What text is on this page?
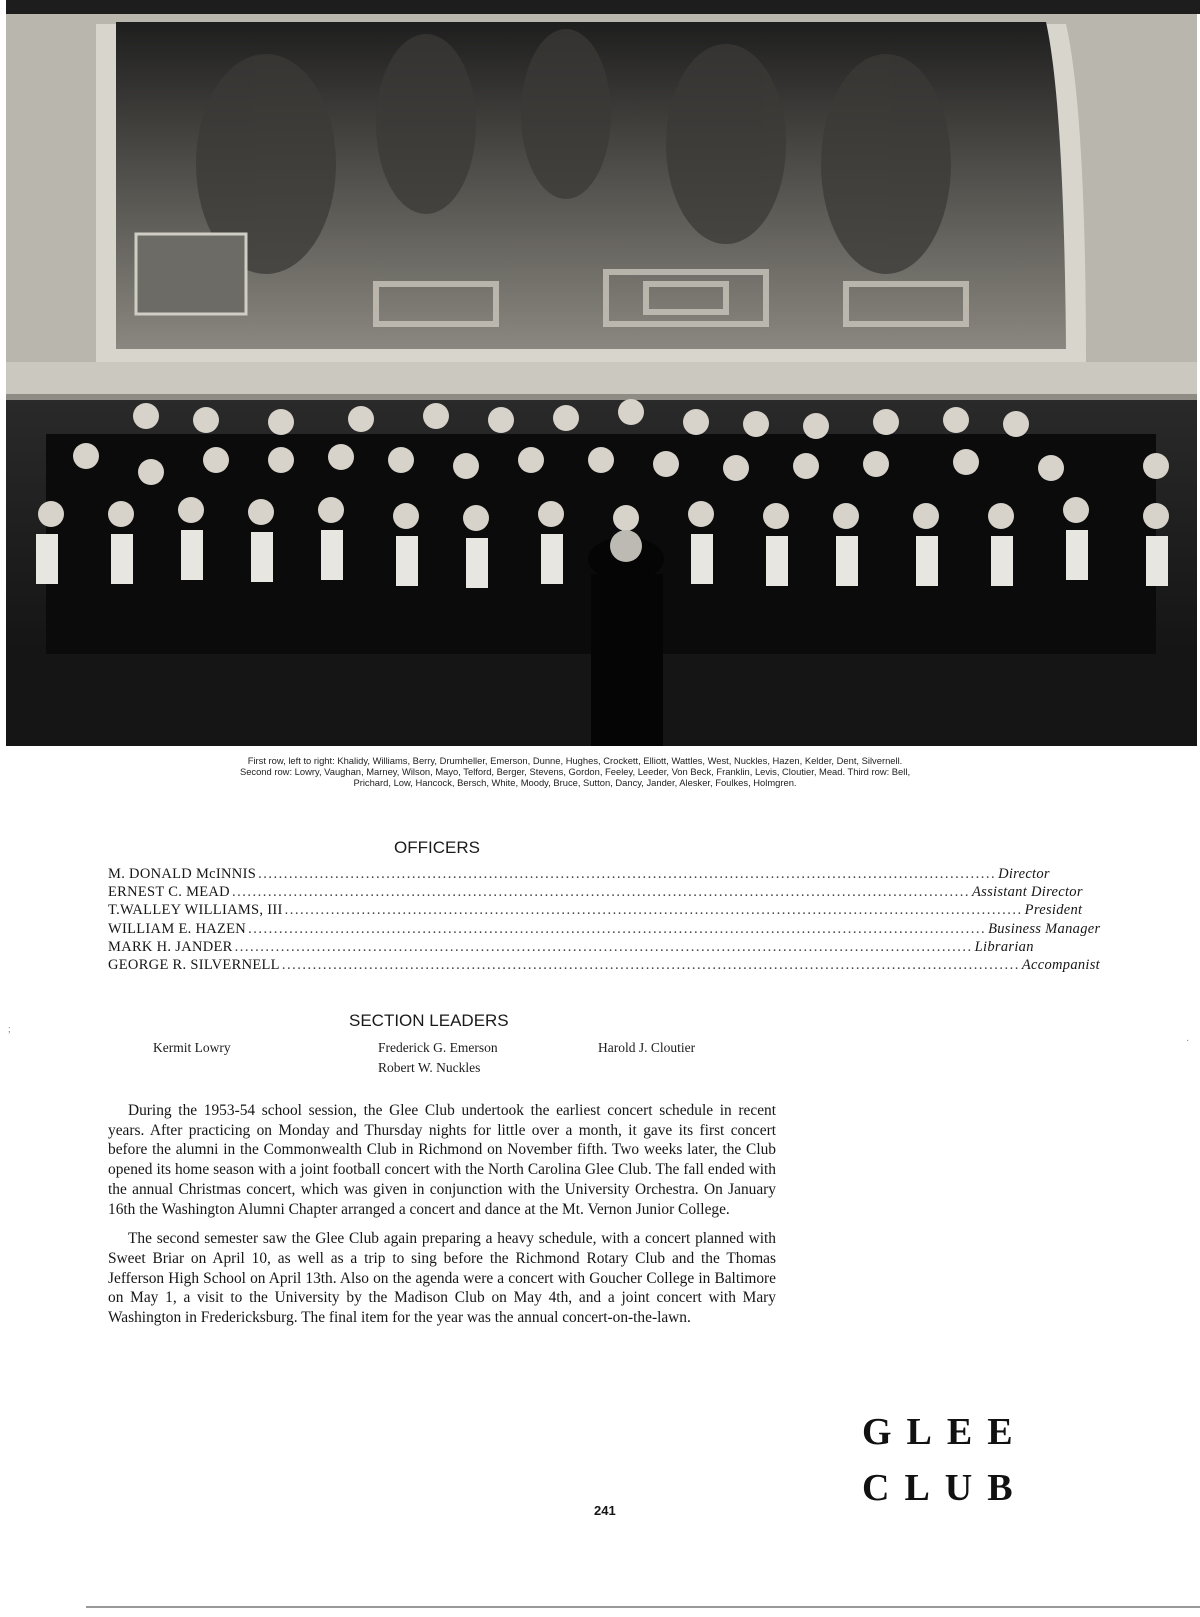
First row, left to right: Khalidy, Williams, Berry, Drumheller, Emerson, Dunne, Hughes, Crockett, Elliott, Wattles, West, Nuckles, Hazen, Kelder, Dent, Silvernell.
Second row: Lowry, Vaughan, Marney, Wilson, Mayo, Telford, Berger, Stevens, Gordon, Feeley, Leeder, Von Beck, Franklin, Levis, Cloutier, Mead. Third row: Bell,
Prichard, Low, Hancock, Bersch, White, Moody, Bruce, Sutton, Dancy, Jander, Alesker, Foulkes, Holmgren.
OFFICERS
M. DONALD McINNIS ................................................................................................................................................ Director
ERNEST C. MEAD ................................................................................................................................................ Assistant Director
T.WALLEY WILLIAMS, III ................................................................................................................................................ President
WILLIAM E. HAZEN ................................................................................................................................................ Business Manager
MARK H. JANDER ................................................................................................................................................ Librarian
GEORGE R. SILVERNELL ................................................................................................................................................ Accompanist
SECTION LEADERS
Kermit Lowry	Frederick G. Emerson
Robert W. Nuckles
Harold J. Cloutier

During the 1953-54 school session, the Glee Club undertook the earliest concert schedule in recent years. After practicing on Monday and Thursday nights for little over a month, it gave its first concert before the alumni in the Commonwealth Club in Richmond on November fifth. Two weeks later, the Club opened its home season with a joint football concert with the North Carolina Glee Club. The fall ended with the annual Christmas concert, which was given in conjunction with the University Orchestra. On January 16th the Washington Alumni Chapter arranged a concert and dance at the Mt. Vernon Junior College.

The second semester saw the Glee Club again preparing a heavy schedule, with a concert planned with Sweet Briar on April 10, as well as a trip to sing before the Richmond Rotary Club and the Thomas Jefferson High School on April 13th. Also on the agenda were a concert with Goucher College in Baltimore on May 1, a visit to the University by the Madison Club on May 4th, and a joint concert with Mary Washington in Fredericksburg. The final item for the year was the annual concert-on-the-lawn.

GLEE
CLUB
241
;
·
